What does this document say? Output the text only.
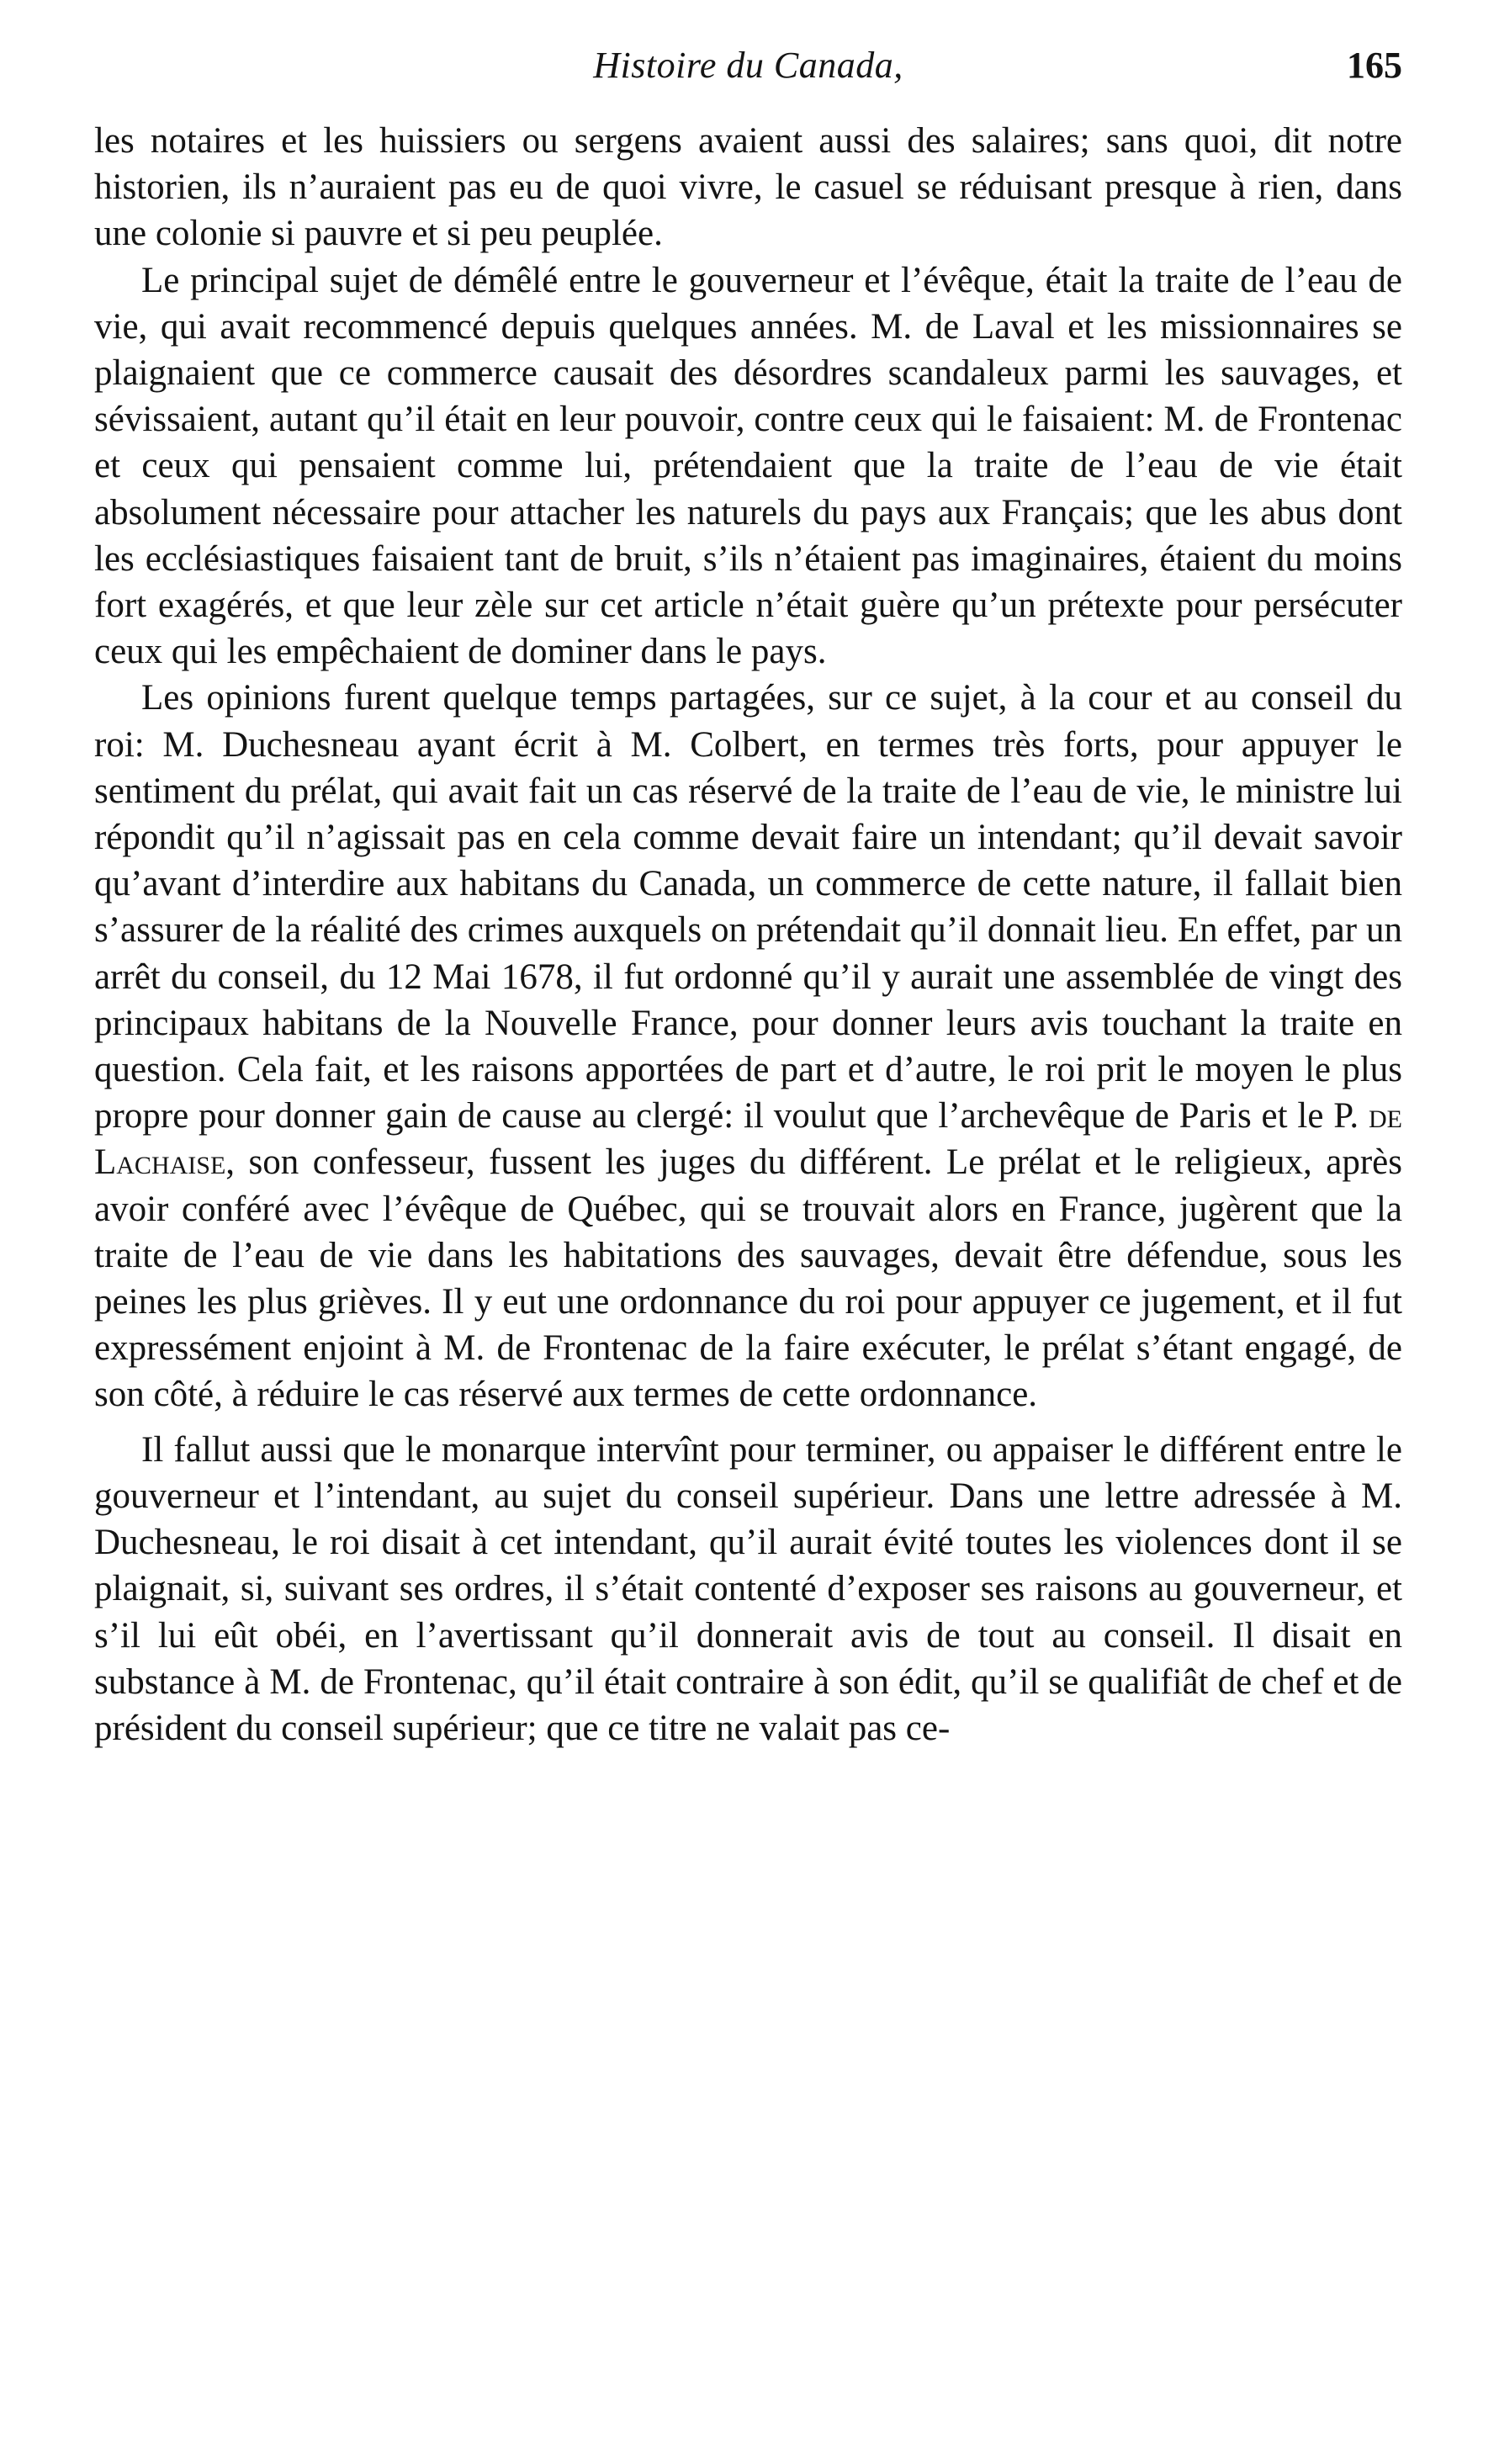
Histoire du Canada,	165

les notaires et les huissiers ou sergens avaient aussi des salaires; sans quoi, dit notre historien, ils n’auraient pas eu de quoi vivre, le casuel se réduisant presque à rien, dans une colonie si pauvre et si peu peuplée.

Le principal sujet de démêlé entre le gouverneur et l’évêque, était la traite de l’eau de vie, qui avait recommencé depuis quelques années. M. de Laval et les missionnaires se plaignaient que ce commerce causait des désordres scandaleux parmi les sauvages, et sévissaient, autant qu’il était en leur pouvoir, contre ceux qui le faisaient: M. de Frontenac et ceux qui pensaient comme lui, prétendaient que la traite de l’eau de vie était absolument nécessaire pour attacher les naturels du pays aux Français; que les abus dont les ecclésiastiques faisaient tant de bruit, s’ils n’étaient pas imaginaires, étaient du moins fort exagérés, et que leur zèle sur cet article n’était guère qu’un prétexte pour persécuter ceux qui les empêchaient de dominer dans le pays.

Les opinions furent quelque temps partagées, sur ce sujet, à la cour et au conseil du roi: M. Duchesneau ayant écrit à M. Colbert, en termes très forts, pour appuyer le sentiment du prélat, qui avait fait un cas réservé de la traite de l’eau de vie, le ministre lui répondit qu’il n’agissait pas en cela comme devait faire un intendant; qu’il devait savoir qu’avant d’interdire aux habitans du Canada, un commerce de cette nature, il fallait bien s’assurer de la réalité des crimes auxquels on prétendait qu’il donnait lieu. En effet, par un arrêt du conseil, du 12 Mai 1678, il fut ordonné qu’il y aurait une assemblée de vingt des principaux habitans de la Nouvelle France, pour donner leurs avis touchant la traite en question. Cela fait, et les raisons apportées de part et d’autre, le roi prit le moyen le plus propre pour donner gain de cause au clergé: il voulut que l’archevêque de Paris et le P. de Lachaise, son confesseur, fussent les juges du différent. Le prélat et le religieux, après avoir conféré avec l’évêque de Québec, qui se trouvait alors en France, jugèrent que la traite de l’eau de vie dans les habitations des sauvages, devait être défendue, sous les peines les plus grièves. Il y eut une ordonnance du roi pour appuyer ce jugement, et il fut expressément enjoint à M. de Frontenac de la faire exécuter, le prélat s’étant engagé, de son côté, à réduire le cas réservé aux termes de cette ordonnance.

Il fallut aussi que le monarque intervînt pour terminer, ou appaiser le différent entre le gouverneur et l’intendant, au sujet du conseil supérieur. Dans une lettre adressée à M. Duchesneau, le roi disait à cet intendant, qu’il aurait évité toutes les violences dont il se plaignait, si, suivant ses ordres, il s’était contenté d’exposer ses raisons au gouverneur, et s’il lui eût obéi, en l’avertissant qu’il donnerait avis de tout au conseil. Il disait en substance à M. de Frontenac, qu’il était contraire à son édit, qu’il se qualifiât de chef et de président du conseil supérieur; que ce titre ne valait pas ce-
